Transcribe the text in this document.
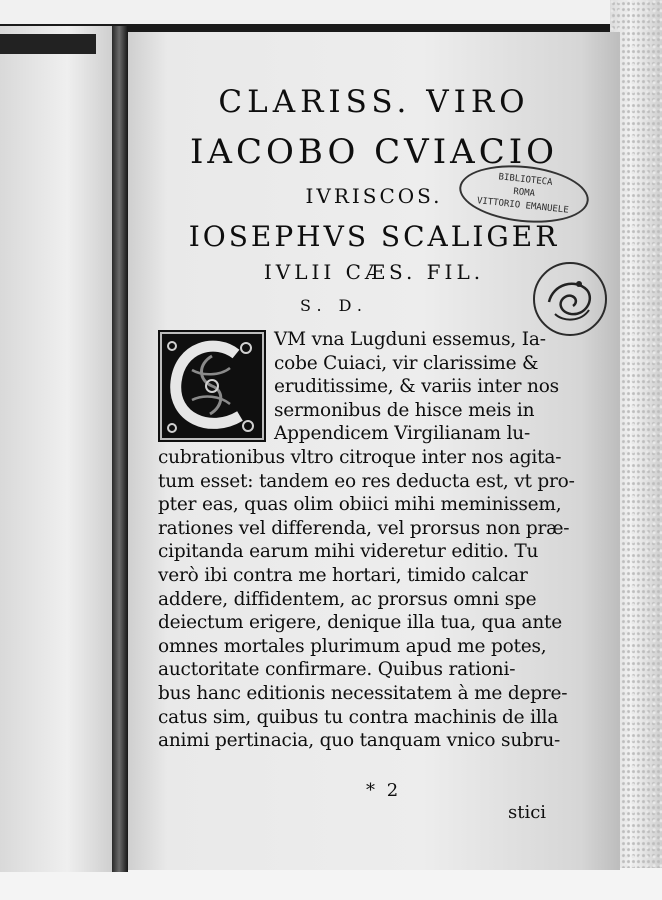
CLARISS. VIRO
IACOBO CVIACIO
IVRISCOS.
IOSEPHVS SCALIGER
IVLII CÆS. FIL.
S. D.
BIBLIOTECA
ROMA
VITTORIO EMANUELE
VM vna Lugduni essemus, Ia-
cobe Cuiaci, vir clarissime &
eruditissime, & variis inter nos
sermonibus de hisce meis in
Appendicem Virgilianam lu-
cubrationibus vltro citroque inter nos agita-
tum esset: tandem eo res deducta est, vt pro-
pter eas, quas olim obiici mihi meminissem,
rationes vel differenda, vel prorsus non præ-
cipitanda earum mihi videretur editio. Tu
verò ibi contra me hortari, timido calcar
addere, diffidentem, ac prorsus omni spe
deiectum erigere, denique illa tua, qua ante
omnes mortales plurimum apud me potes,
auctoritate confirmare. Quibus rationi-
bus hanc editionis necessitatem à me depre-
catus sim, quibus tu contra machinis de illa
animi pertinacia, quo tanquam vnico subru-
* 2
stici
